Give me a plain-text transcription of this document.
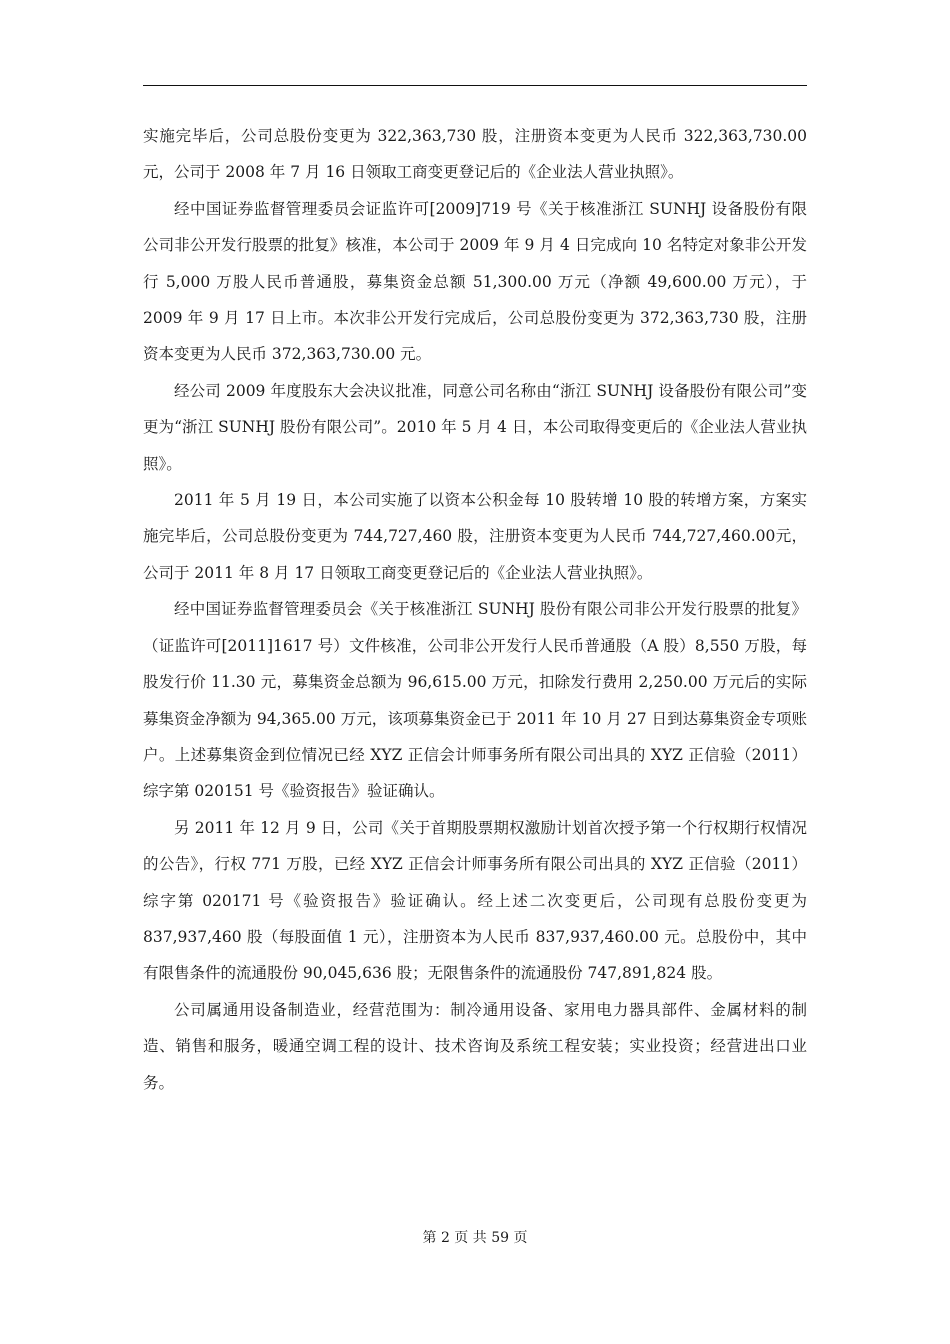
实施完毕后，公司总股份变更为 322,363,730 股，注册资本变更为人民币 322,363,730.00元，公司于 2008 年 7 月 16 日领取工商变更登记后的《企业法人营业执照》。

经中国证券监督管理委员会证监许可[2009]719 号《关于核准浙江 SUNHJ 设备股份有限公司非公开发行股票的批复》核准，本公司于 2009 年 9 月 4 日完成向 10 名特定对象非公开发行 5,000 万股人民币普通股，募集资金总额 51,300.00 万元（净额 49,600.00 万元），于 2009 年 9 月 17 日上市。本次非公开发行完成后，公司总股份变更为 372,363,730 股，注册资本变更为人民币 372,363,730.00 元。

经公司 2009 年度股东大会决议批准，同意公司名称由“浙江 SUNHJ 设备股份有限公司”变更为“浙江 SUNHJ 股份有限公司”。2010 年 5 月 4 日，本公司取得变更后的《企业法人营业执照》。

2011 年 5 月 19 日，本公司实施了以资本公积金每 10 股转增 10 股的转增方案，方案实施完毕后，公司总股份变更为 744,727,460 股，注册资本变更为人民币 744,727,460.00元，公司于 2011 年 8 月 17 日领取工商变更登记后的《企业法人营业执照》。

经中国证券监督管理委员会《关于核准浙江 SUNHJ 股份有限公司非公开发行股票的批复》（证监许可[2011]1617 号）文件核准，公司非公开发行人民币普通股（A 股）8,550 万股，每股发行价 11.30 元，募集资金总额为 96,615.00 万元，扣除发行费用 2,250.00 万元后的实际募集资金净额为 94,365.00 万元，该项募集资金已于 2011 年 10 月 27 日到达募集资金专项账户。上述募集资金到位情况已经 XYZ 正信会计师事务所有限公司出具的 XYZ 正信验（2011）综字第 020151 号《验资报告》验证确认。

另 2011 年 12 月 9 日，公司《关于首期股票期权激励计划首次授予第一个行权期行权情况的公告》，行权 771 万股，已经 XYZ 正信会计师事务所有限公司出具的 XYZ 正信验（2011）综字第 020171 号《验资报告》验证确认。经上述二次变更后，公司现有总股份变更为 837,937,460 股（每股面值 1 元），注册资本为人民币 837,937,460.00 元。总股份中，其中有限售条件的流通股份 90,045,636 股；无限售条件的流通股份 747,891,824 股。

公司属通用设备制造业，经营范围为：制冷通用设备、家用电力器具部件、金属材料的制造、销售和服务，暖通空调工程的设计、技术咨询及系统工程安装；实业投资；经营进出口业务。

第 2 页 共 59 页
